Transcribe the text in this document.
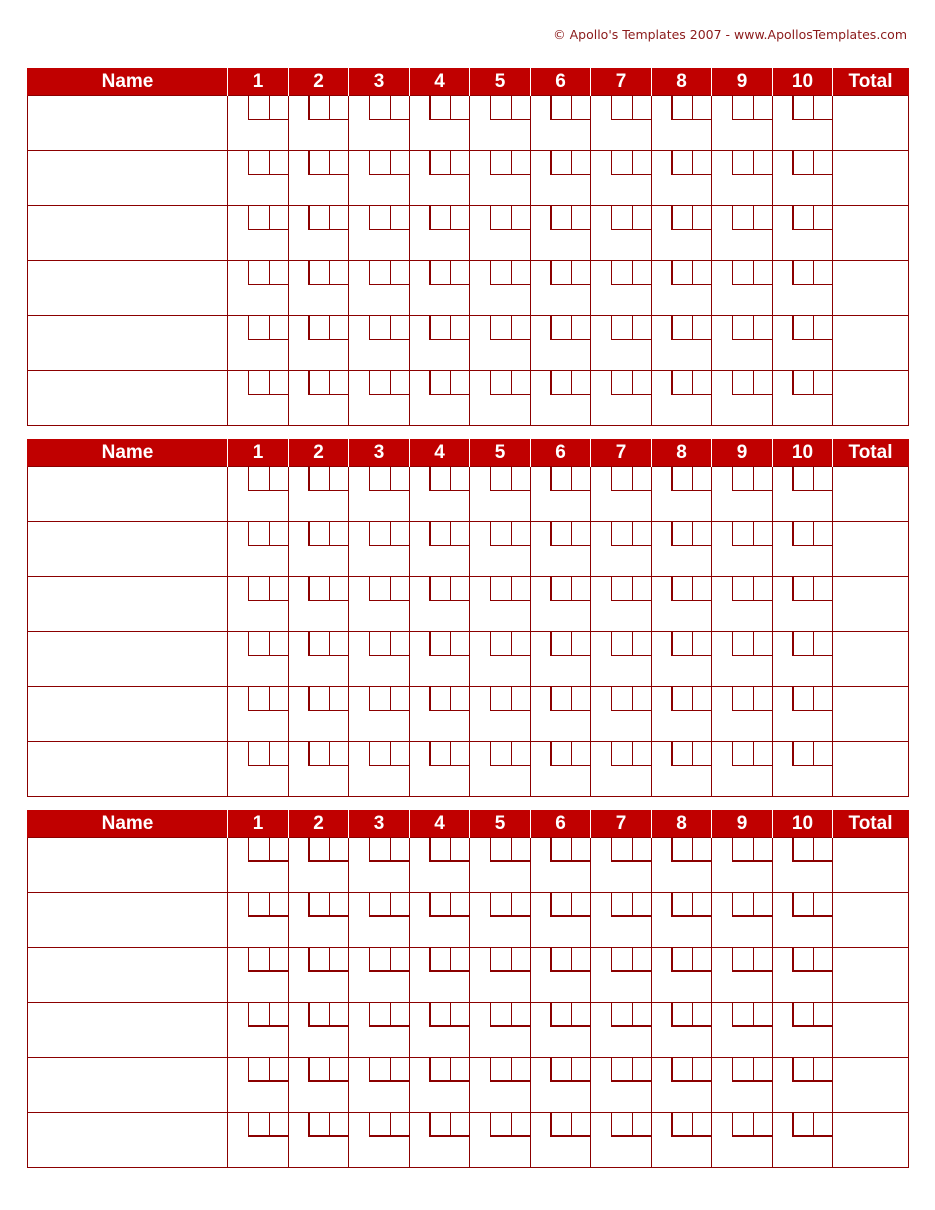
© Apollo's Templates 2007 - www.ApollosTemplates.com
Name	1	2	3	4	5	6	7	8	9	10	Total

Name	1	2	3	4	5	6	7	8	9	10	Total

Name	1	2	3	4	5	6	7	8	9	10	Total
